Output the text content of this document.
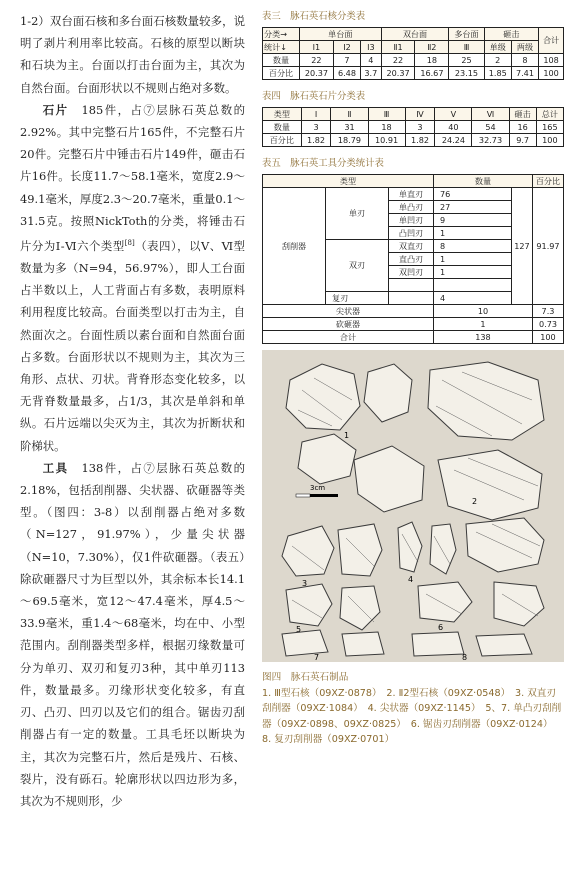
1-2）双台面石核和多台面石核数量较多，说明了剥片利用率比较高。石核的原型以断块和石块为主。台面以打击台面为主，其次为自然台面。台面形状以不规则占绝对多数。

石片　 185件，占⑦层脉石英总数的2.92%。其中完整石片165件，不完整石片20件。完整石片中锤击石片149件，砸击石片16件。长度11.7～58.1毫米，宽度2.9～49.1毫米，厚度2.3～20.7毫米，重量0.1～31.5克。按照NickToth的分类，将锤击石片分为Ⅰ-Ⅵ六个类型[8]（表四），以Ⅴ、Ⅵ型数量为多（N=94，56.97%），即人工台面占半数以上，人工背面占有多数，表明原料利用程度比较高。台面类型以打击为主，自然面次之。台面性质以素台面和自然面台面占多数。台面形状以不规则为主，其次为三角形、点状、刃状。背脊形态变化较多，以无背脊数量最多，占1/3，其次是单斜和单纵。石片远端以尖灭为主，其次为折断状和阶梯状。

工具　 138件，占⑦层脉石英总数的2.18%，包括刮削器、尖状器、砍砸器等类型。（图四：3-8）以刮削器占绝对多数（N=127，91.97%），少量尖状器（N=10，7.30%），仅1件砍砸器。（表五）除砍砸器尺寸为巨型以外，其余标本长14.1～69.5毫米，宽12～47.4毫米，厚4.5～33.9毫米，重1.4～68毫米，均在中、小型范围内。刮削器类型多样，根据刃缘数量可分为单刃、双刃和复刃3种，其中单刃113件，数量最多。刃缘形状变化较多，有直刃、凸刃、凹刃以及它们的组合。锯齿刃刮削器占有一定的数量。工具毛坯以断块为主，其次为完整石片，然后是残片、石核、裂片，没有砾石。轮廓形状以四边形为多，其次为不规则形，少

表三　脉石英石核分类表

分类→	单台面			双台面		多台面	砸击		合计
统计↓	Ⅰ1	Ⅰ2	Ⅰ3	Ⅱ1	Ⅱ2	Ⅲ	单级	两级	
数量	22	7	4	22	18	25	2	8	108
百分比	20.37	6.48	3.7	20.37	16.67	23.15	1.85	7.41	100

表四　脉石英石片分类表

类型	Ⅰ	Ⅱ	Ⅲ	Ⅳ	Ⅴ	Ⅵ	砸击	总计
数量	3	31	18	3	40	54	16	165
百分比	1.82	18.79	10.91	1.82	24.24	32.73	9.7	100

表五　脉石英工具分类统计表

类型			数量		百分比
刮削器	单刃	单直刃	76	127	91.97
		单凸刃	27		
		单凹刃	9		
		凸凹刃	1		
	双刃	双直刃	8		
		直凸刃	1		
		双凹刃	1		

	复刃		4		
尖状器			10		7.3
砍砸器			1		0.73
合计			138		100
3cm
1
2
3	4
5	6
7	8

图四　脉石英石制品
1. Ⅲ型石核（09XZ·0878）　2. Ⅱ2型石核（09XZ·0548）　3. 双直刃刮削器（09XZ·1084）　4. 尖状器（09XZ·1145）　5、7. 单凸刃刮削器（09XZ·0898、09XZ·0825）　6. 锯齿刃刮削器（09XZ·0124）　8. 复刃刮削器（09XZ·0701）
